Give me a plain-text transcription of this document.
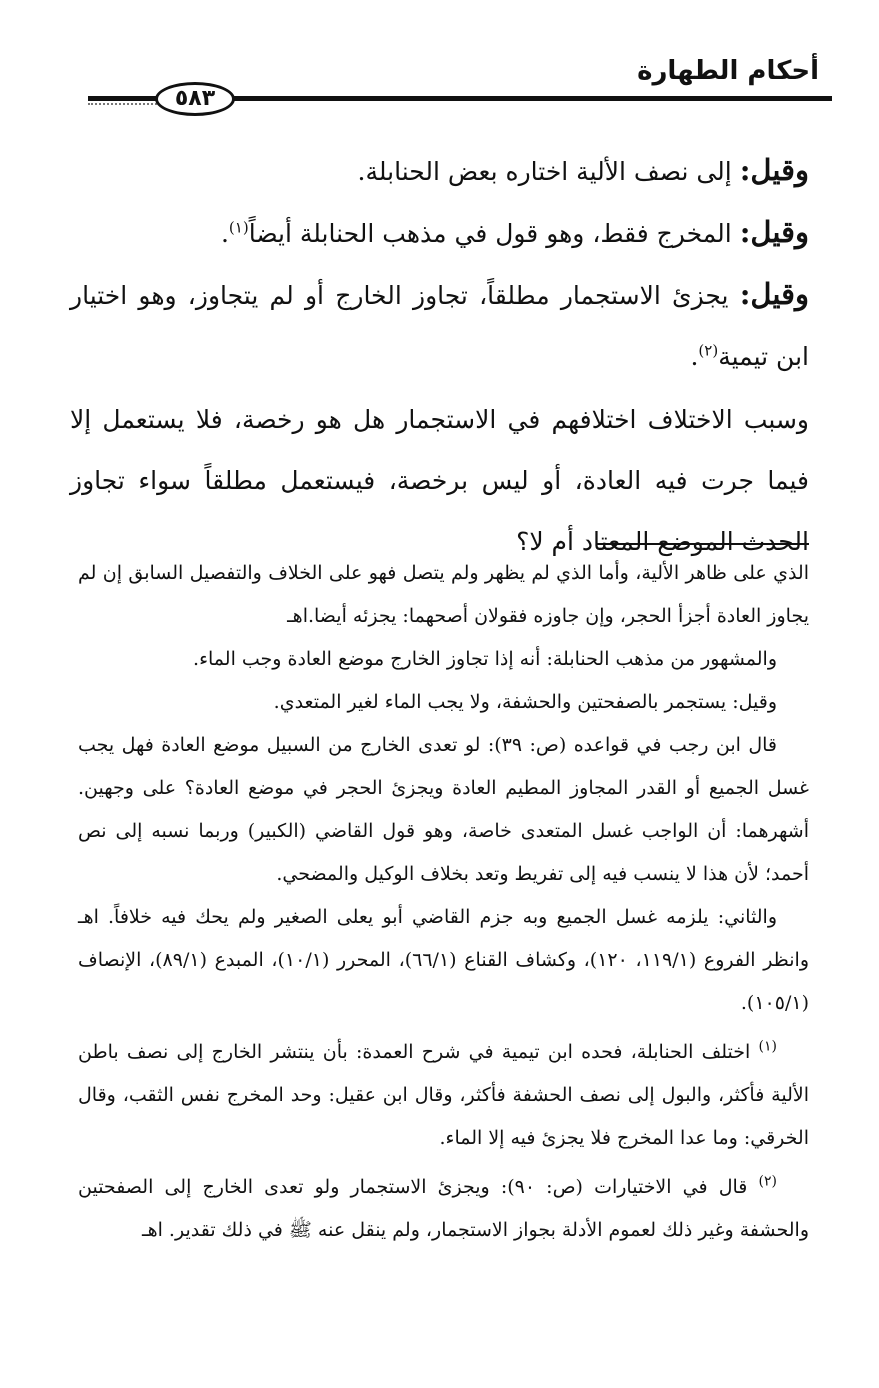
أحكام الطهارة
٥٨٣

وقيل: إلى نصف الألية اختاره بعض الحنابلة.

وقيل: المخرج فقط، وهو قول في مذهب الحنابلة أيضاً$^{(١)}$.

وقيل: يجزئ الاستجمار مطلقاً، تجاوز الخارج أو لم يتجاوز، وهو اختيار ابن تيمية$^{(٢)}$.

وسبب الاختلاف اختلافهم في الاستجمار هل هو رخصة، فلا يستعمل إلا فيما جرت فيه العادة، أو ليس برخصة، فيستعمل مطلقاً سواء تجاوز الحدث الموضع المعتاد أم لا؟

الذي على ظاهر الألية، وأما الذي لم يظهر ولم يتصل فهو على الخلاف والتفصيل السابق إن لم يجاوز العادة أجزأ الحجر، وإن جاوزه فقولان أصحهما: يجزئه أيضا.اهـ

والمشهور من مذهب الحنابلة: أنه إذا تجاوز الخارج موضع العادة وجب الماء.

وقيل: يستجمر بالصفحتين والحشفة، ولا يجب الماء لغير المتعدي.

قال ابن رجب في قواعده (ص: ٣٩): لو تعدى الخارج من السبيل موضع العادة فهل يجب غسل الجميع أو القدر المجاوز المطيم العادة ويجزئ الحجر في موضع العادة؟ على وجهين. أشهرهما: أن الواجب غسل المتعدى خاصة، وهو قول القاضي (الكبير) وربما نسبه إلى نص أحمد؛ لأن هذا لا ينسب فيه إلى تفريط وتعد بخلاف الوكيل والمضحي.

والثاني: يلزمه غسل الجميع وبه جزم القاضي أبو يعلى الصغير ولم يحك فيه خلافاً. اهـ وانظر الفروع (١١٩/١، ١٢٠)، وكشاف القناع (٦٦/١)، المحرر (١٠/١)، المبدع (٨٩/١)، الإنصاف (١٠٥/١).

$^{(١)}$ اختلف الحنابلة، فحده ابن تيمية في شرح العمدة: بأن ينتشر الخارج إلى نصف باطن الألية فأكثر، والبول إلى نصف الحشفة فأكثر، وقال ابن عقيل: وحد المخرج نفس الثقب، وقال الخرقي: وما عدا المخرج فلا يجزئ فيه إلا الماء.

$^{(٢)}$ قال في الاختيارات (ص: ٩٠): ويجزئ الاستجمار ولو تعدى الخارج إلى الصفحتين والحشفة وغير ذلك لعموم الأدلة بجواز الاستجمار، ولم ينقل عنه ﷺ في ذلك تقدير. اهـ
